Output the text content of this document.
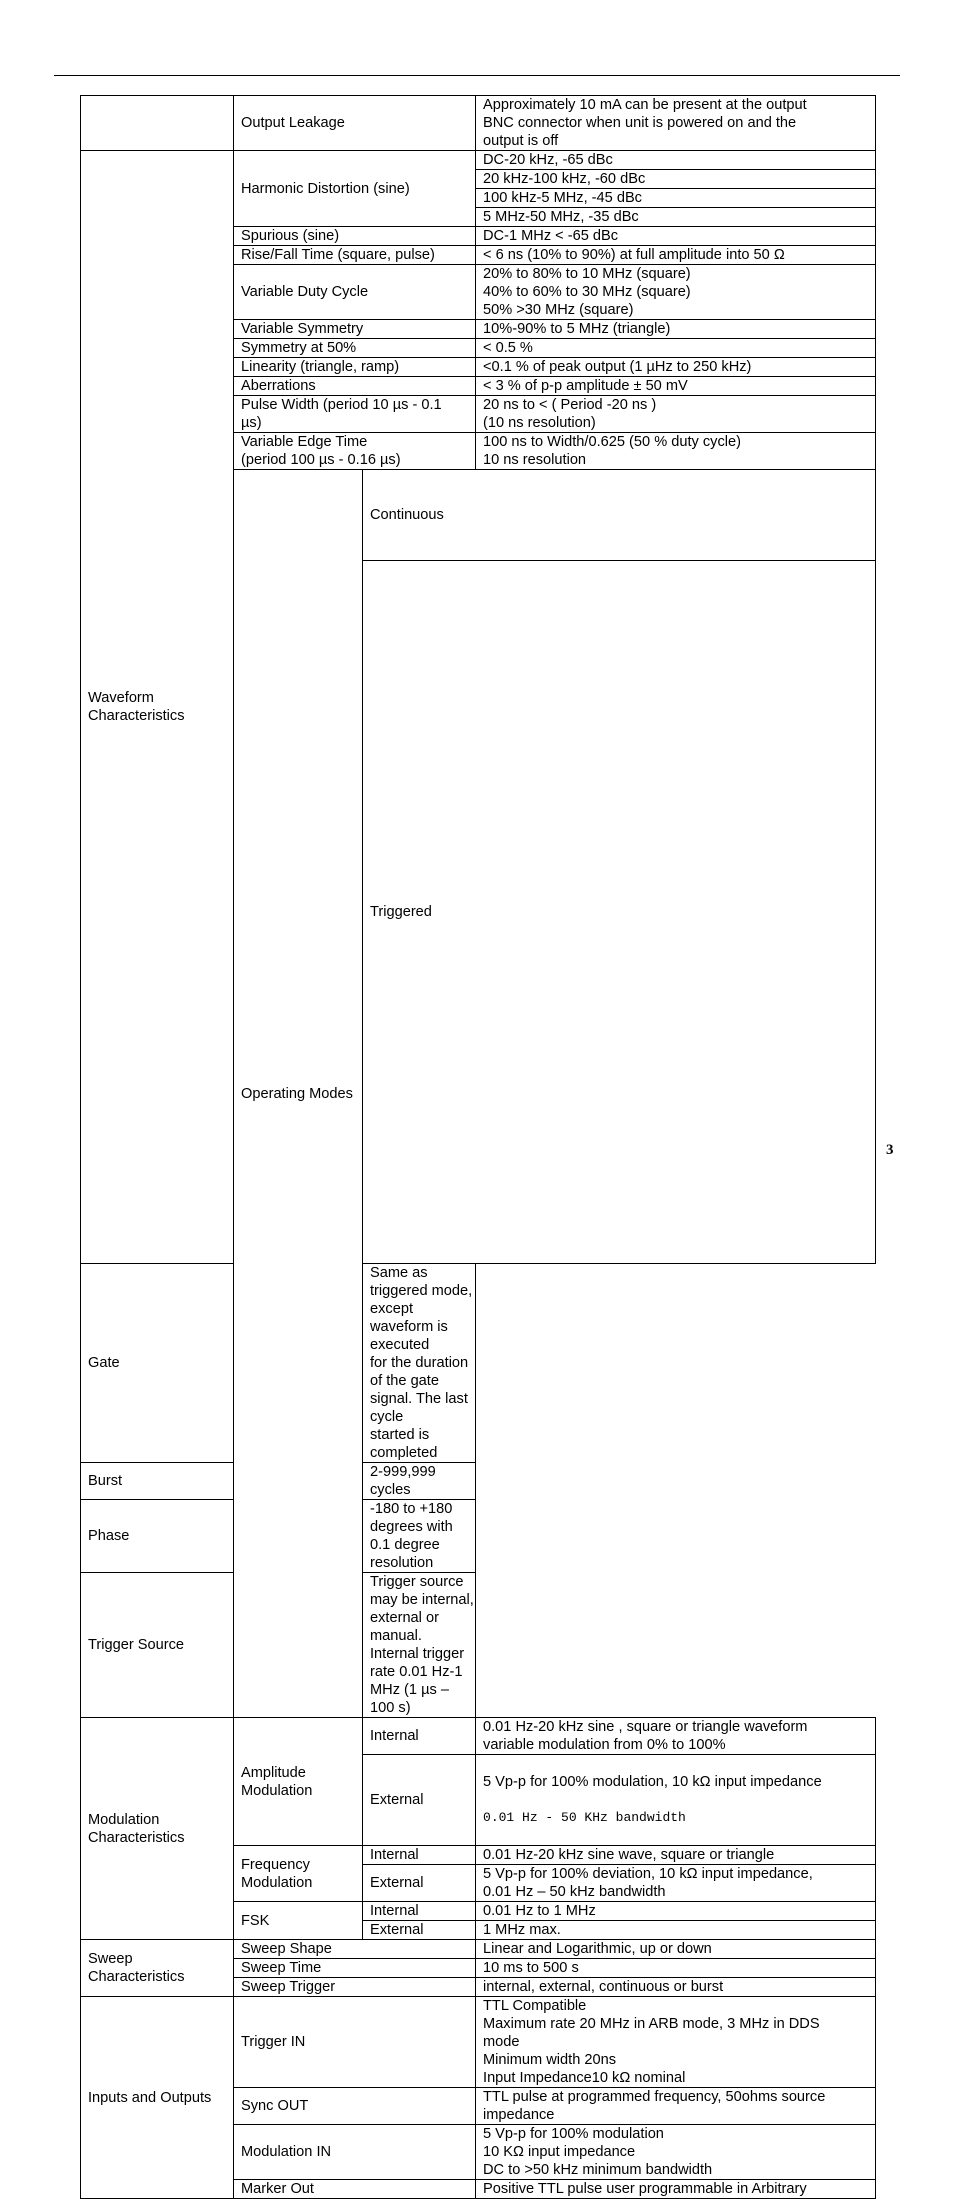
	Output Leakage		Approximately 10 mA can be present at the output
BNC connector when unit is powered on and the
output is off	
Waveform
Characteristics	Harmonic Distortion (sine)		DC-20 kHz, -65 dBc	
			20 kHz-100 kHz, -60 dBc	
			100 kHz-5 MHz, -45 dBc	
			5 MHz-50 MHz, -35 dBc	
	Spurious (sine)		DC-1 MHz < -65 dBc	
	Rise/Fall Time (square, pulse)		< 6 ns (10% to 90%) at full amplitude into 50 Ω	
	Variable Duty Cycle		20% to 80% to 10 MHz (square)
40% to 60% to 30 MHz (square)
50% >30 MHz (square)	
	Variable Symmetry		10%-90% to 5 MHz (triangle)	
	Symmetry at 50%		< 0.5 %	
	Linearity (triangle, ramp)		<0.1 % of peak output (1 µHz to 250 kHz)	
	Aberrations		< 3 % of p-p amplitude ± 50 mV	
	Pulse Width (period 10 µs - 0.1
µs)		20 ns to < ( Period -20 ns )
(10 ns resolution)	
	Variable Edge Time
(period 100 µs - 0.16 µs)		100 ns to Width/0.625 (50 % duty cycle)
10 ns resolution	
	Operating Modes	Continuous	
		Triggered	
Gate		Same as triggered mode, except waveform is executed
for the duration of the gate signal. The last cycle
started is completed		
Burst		2-999,999 cycles		
Phase		-180 to +180 degrees with 0.1 degree resolution		
Trigger Source		Trigger source may be internal, external or manual.
Internal trigger rate 0.01 Hz-1 MHz (1 µs – 100 s)		
Modulation
Characteristics	Amplitude
Modulation	Internal	0.01 Hz-20 kHz sine , square or triangle waveform
variable modulation from 0% to 100%	
		External	5 Vp-p for 100% modulation, 10 kΩ input impedance

0.01 Hz - 50 KHz bandwidth	

	Frequency
Modulation	Internal	0.01 Hz-20 kHz sine wave, square or triangle	
		External	5 Vp-p for 100% deviation, 10 kΩ input impedance,
0.01 Hz – 50 kHz bandwidth	
	FSK	Internal	0.01 Hz to 1 MHz	
		External	1 MHz max.	
Sweep
Characteristics	Sweep Shape		Linear and Logarithmic, up or down	
	Sweep Time		10 ms to 500 s	
	Sweep Trigger		internal, external, continuous or burst	
Inputs and Outputs	Trigger IN		TTL Compatible
Maximum rate 20 MHz in ARB mode, 3 MHz in DDS
mode
Minimum width 20ns
Input Impedance10 kΩ nominal	
	Sync OUT		TTL pulse at programmed frequency, 50ohms source
impedance	
	Modulation IN		5 Vp-p for 100% modulation
10 KΩ input impedance
DC to >50 kHz minimum bandwidth	
	Marker Out		Positive TTL pulse user programmable in Arbitrary	
3
